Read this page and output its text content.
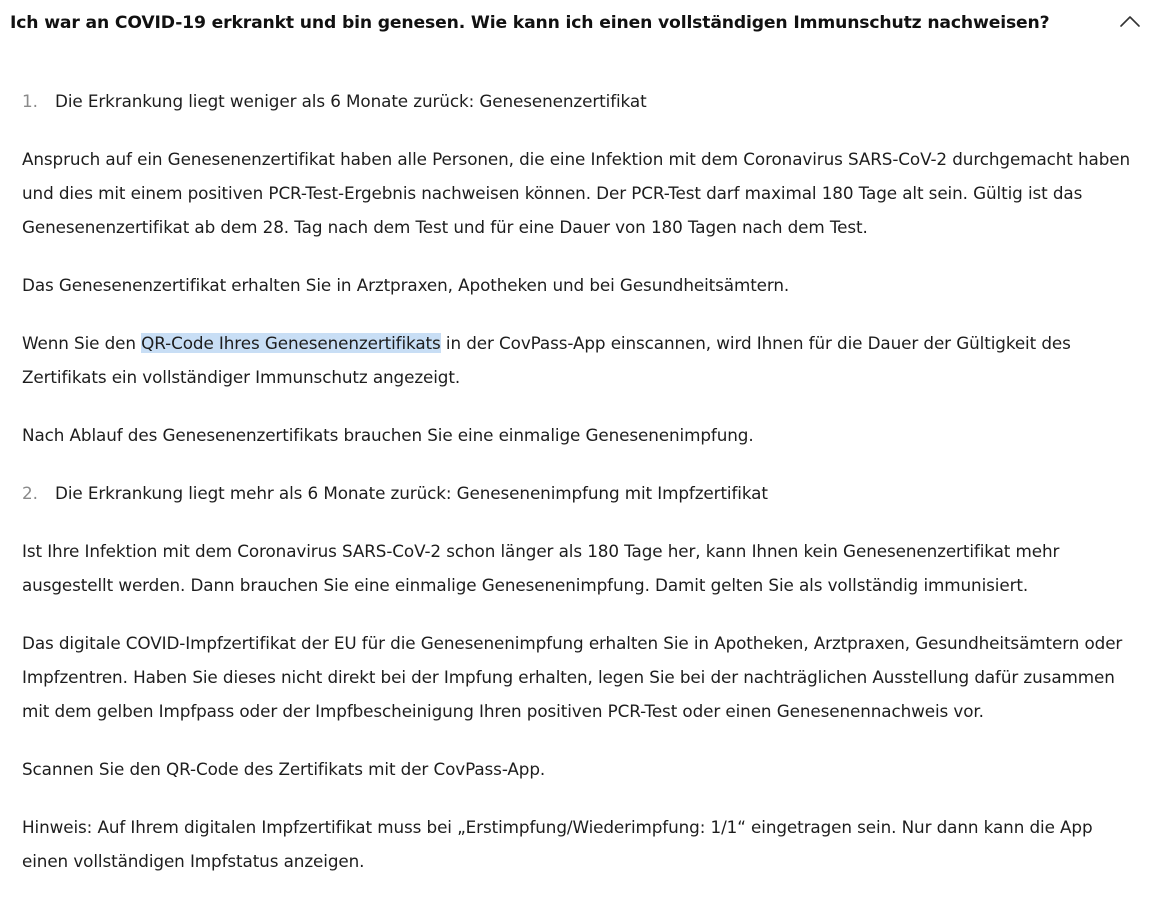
Ich war an COVID-19 erkrankt und bin genesen. Wie kann ich einen vollständigen Immunschutz nachweisen?
1. Die Erkrankung liegt weniger als 6 Monate zurück: Genesenenzertifikat

Anspruch auf ein Genesenenzertifikat haben alle Personen, die eine Infektion mit dem Coronavirus SARS-CoV-2 durchgemacht haben und dies mit einem positiven PCR-Test-Ergebnis nachweisen können. Der PCR-Test darf maximal 180 Tage alt sein. Gültig ist das Genesenenzertifikat ab dem 28. Tag nach dem Test und für eine Dauer von 180 Tagen nach dem Test.

Das Genesenenzertifikat erhalten Sie in Arztpraxen, Apotheken und bei Gesundheitsämtern.

Wenn Sie den QR-Code Ihres Genesenenzertifikats in der CovPass-App einscannen, wird Ihnen für die Dauer der Gültigkeit des Zertifikats ein vollständiger Immunschutz angezeigt.

Nach Ablauf des Genesenenzertifikats brauchen Sie eine einmalige Genesenenimpfung.

2. Die Erkrankung liegt mehr als 6 Monate zurück: Genesenenimpfung mit Impfzertifikat

Ist Ihre Infektion mit dem Coronavirus SARS-CoV-2 schon länger als 180 Tage her, kann Ihnen kein Genesenenzertifikat mehr ausgestellt werden. Dann brauchen Sie eine einmalige Genesenenimpfung. Damit gelten Sie als vollständig immunisiert.

Das digitale COVID-Impfzertifikat der EU für die Genesenenimpfung erhalten Sie in Apotheken, Arztpraxen, Gesundheitsämtern oder Impfzentren. Haben Sie dieses nicht direkt bei der Impfung erhalten, legen Sie bei der nachträglichen Ausstellung dafür zusammen mit dem gelben Impfpass oder der Impfbescheinigung Ihren positiven PCR-Test oder einen Genesenennachweis vor.

Scannen Sie den QR-Code des Zertifikats mit der CovPass-App.

Hinweis: Auf Ihrem digitalen Impfzertifikat muss bei „Erstimpfung/Wiederimpfung: 1/1“ eingetragen sein. Nur dann kann die App einen vollständigen Impfstatus anzeigen.
